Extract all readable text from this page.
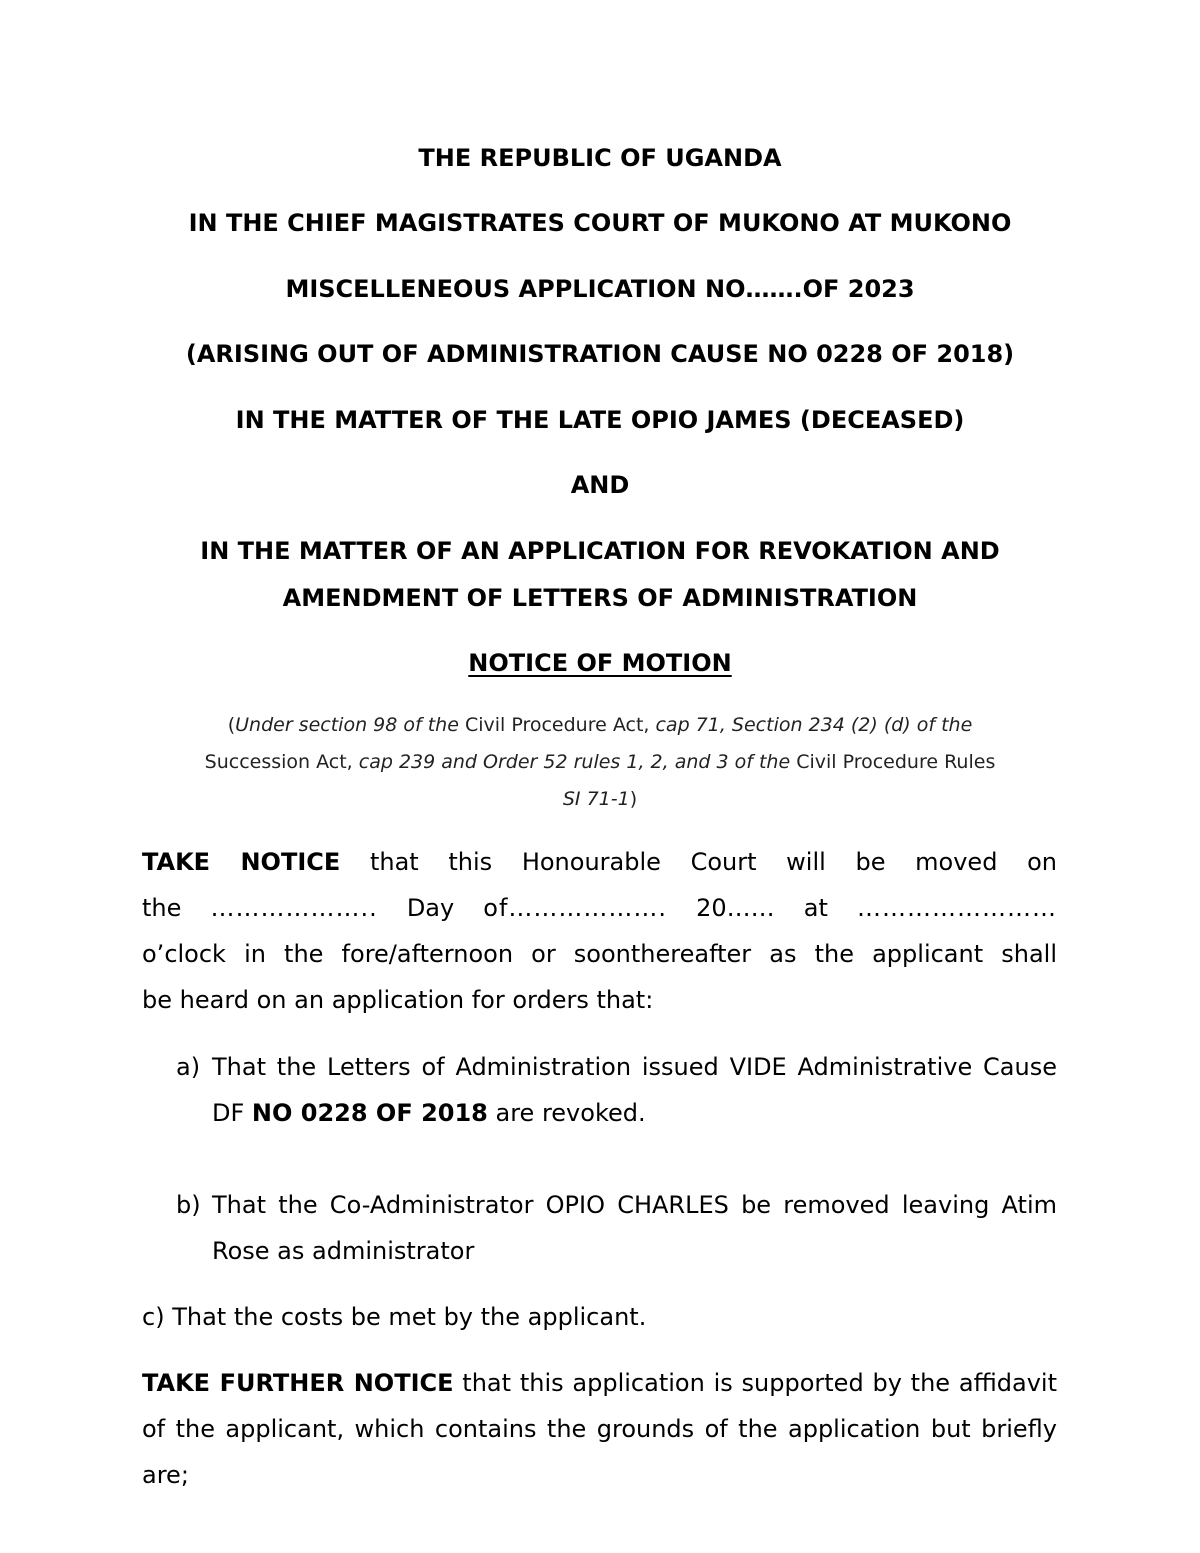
THE REPUBLIC OF UGANDA
IN THE CHIEF MAGISTRATES COURT OF MUKONO AT MUKONO
MISCELLENEOUS APPLICATION NO…….OF 2023
(ARISING OUT OF ADMINISTRATION CAUSE NO 0228 OF 2018)
IN THE MATTER OF THE LATE OPIO JAMES (DECEASED)
AND
IN THE MATTER OF AN APPLICATION FOR REVOKATION AND
AMENDMENT OF LETTERS OF ADMINISTRATION
NOTICE OF MOTION
(Under section 98 of the Civil Procedure Act, cap 71, Section 234 (2) (d) of the
Succession Act, cap 239 and Order 52 rules 1, 2, and 3 of the Civil Procedure Rules
SI 71-1)
TAKE NOTICE that this Honourable Court will be moved on
the ……………….. Day of………………. 20…… at ……………………
o’clock in the fore/afternoon or soonthereafter as the applicant shall
be heard on an application for orders that:
a) That the Letters of Administration issued VIDE Administrative Cause DF NO 0228 OF 2018 are revoked.
b) That the Co-Administrator OPIO CHARLES be removed leaving Atim Rose as administrator
c) That the costs be met by the applicant.
TAKE FURTHER NOTICE that this application is supported by the affidavit of the applicant, which contains the grounds of the application but briefly are;
